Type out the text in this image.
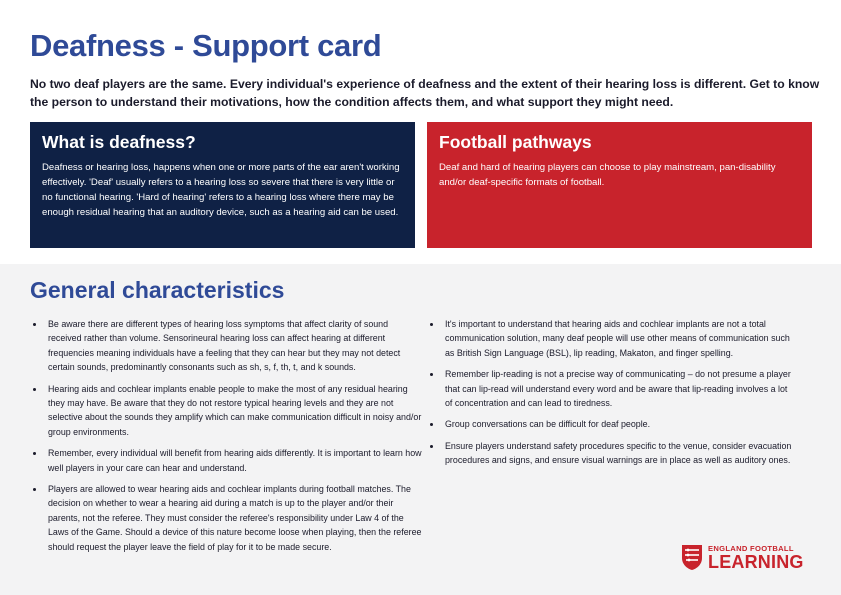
Deafness - Support card

No two deaf players are the same. Every individual's experience of deafness and the extent of their hearing loss is different. Get to know the person to understand their motivations, how the condition affects them, and what support they might need.

What is deafness?

Deafness or hearing loss, happens when one or more parts of the ear aren't working effectively. 'Deaf' usually refers to a hearing loss so severe that there is very little or no functional hearing. 'Hard of hearing' refers to a hearing loss where there may be enough residual hearing that an auditory device, such as a hearing aid can be used.

Football pathways

Deaf and hard of hearing players can choose to play mainstream, pan-disability and/or deaf-specific formats of football.

General characteristics
Be aware there are different types of hearing loss symptoms that affect clarity of sound received rather than volume. Sensorineural hearing loss can affect hearing at different frequencies meaning individuals have a feeling that they can hear but they may not detect certain sounds, predominantly consonants such as sh, s, f, th, t, and k sounds.
Hearing aids and cochlear implants enable people to make the most of any residual hearing they may have. Be aware that they do not restore typical hearing levels and they are not selective about the sounds they amplify which can make communication difficult in noisy and/or group environments.
Remember, every individual will benefit from hearing aids differently. It is important to learn how well players in your care can hear and understand.
Players are allowed to wear hearing aids and cochlear implants during football matches. The decision on whether to wear a hearing aid during a match is up to the player and/or their parents, not the referee. They must consider the referee's responsibility under Law 4 of the Laws of the Game. Should a device of this nature become loose when playing, then the referee should request the player leave the field of play for it to be made secure.
It's important to understand that hearing aids and cochlear implants are not a total communication solution, many deaf people will use other means of communication such as British Sign Language (BSL), lip reading, Makaton, and finger spelling.
Remember lip-reading is not a precise way of communicating – do not presume a player that can lip-read will understand every word and be aware that lip-reading involves a lot of concentration and can lead to tiredness.
Group conversations can be difficult for deaf people.
Ensure players understand safety procedures specific to the venue, consider evacuation procedures and signs, and ensure visual warnings are in place as well as auditory ones.
ENGLAND FOOTBALL
LEARNING
